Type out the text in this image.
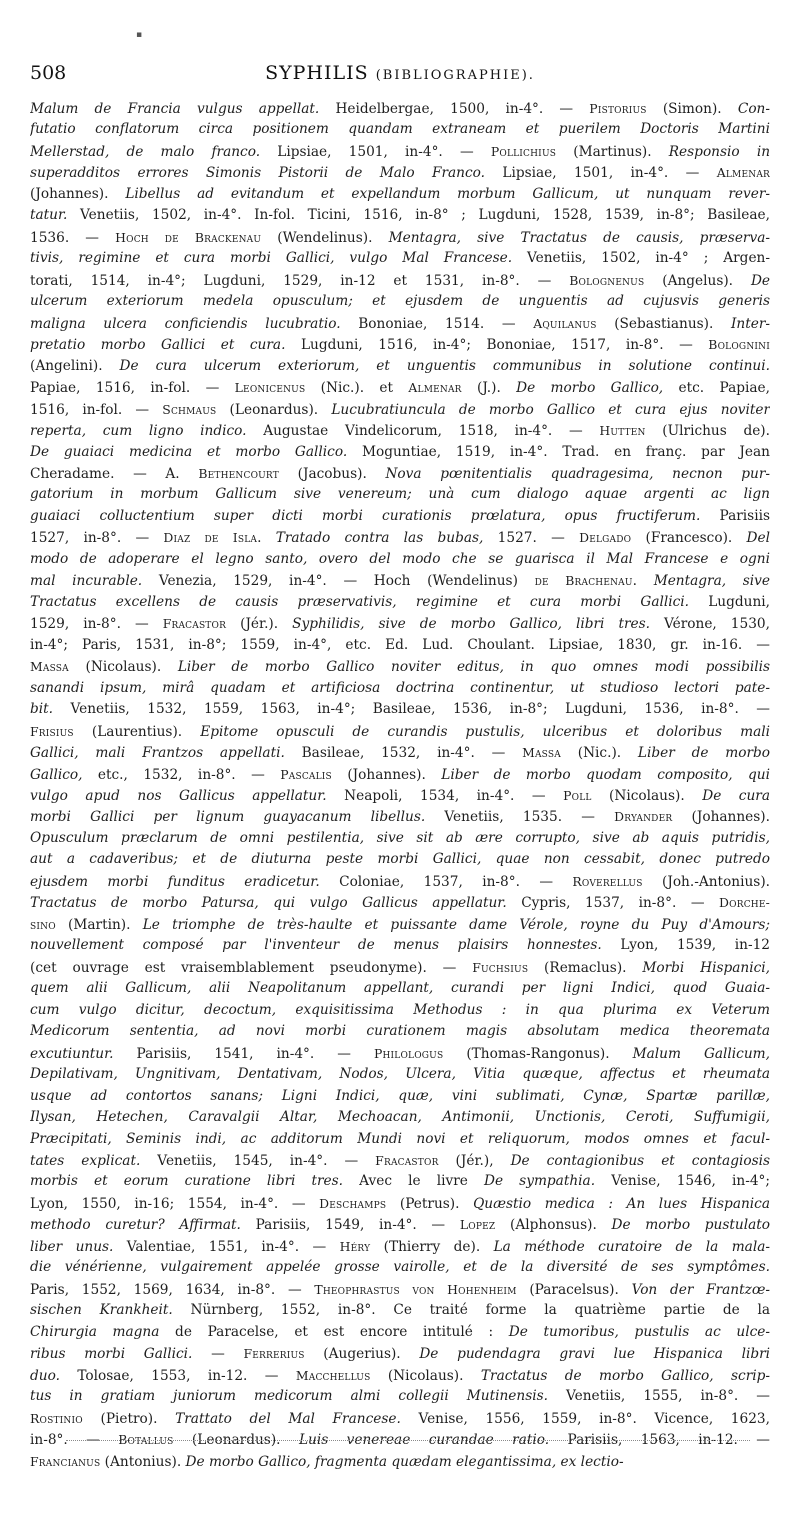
▪
508	SYPHILIS (BIBLIOGRAPHIE).
Malum de Francia vulgus appellat. Heidelbergae, 1500, in-4°. — Pistorius (Simon). Con-
futatio conflatorum circa positionem quandam extraneam et puerilem Doctoris Martini
Mellerstad, de malo franco. Lipsiae, 1501, in-4°. — Pollichius (Martinus). Responsio in
superadditos errores Simonis Pistorii de Malo Franco. Lipsiae, 1501, in-4°. — Almenar
(Johannes). Libellus ad evitandum et expellandum morbum Gallicum, ut nunquam rever-
tatur. Venetiis, 1502, in-4°. In-fol. Ticini, 1516, in-8° ; Lugduni, 1528, 1539, in-8°; Basileae,
1536. — Hoch de Brackenau (Wendelinus). Mentagra, sive Tractatus de causis, præserva-
tivis, regimine et cura morbi Gallici, vulgo Mal Francese. Venetiis, 1502, in-4° ; Argen-
torati, 1514, in-4°; Lugduni, 1529, in-12 et 1531, in-8°. — Bolognenus (Angelus). De
ulcerum exteriorum medela opusculum; et ejusdem de unguentis ad cujusvis generis
maligna ulcera conficiendis lucubratio. Bononiae, 1514. — Aquilanus (Sebastianus). Inter-
pretatio morbo Gallici et cura. Lugduni, 1516, in-4°; Bononiae, 1517, in-8°. — Bolognini
(Angelini). De cura ulcerum exteriorum, et unguentis communibus in solutione continui.
Papiae, 1516, in-fol. — Leonicenus (Nic.). et Almenar (J.). De morbo Gallico, etc. Papiae,
1516, in-fol. — Schmaus (Leonardus). Lucubratiuncula de morbo Gallico et cura ejus noviter
reperta, cum ligno indico. Augustae Vindelicorum, 1518, in-4°. — Hutten (Ulrichus de).
De guaiaci medicina et morbo Gallico. Moguntiae, 1519, in-4°. Trad. en franç. par Jean
Cheradame. — A. Bethencourt (Jacobus). Nova pœnitentialis quadragesima, necnon pur-
gatorium in morbum Gallicum sive venereum; unà cum dialogo aquae argenti ac lign
guaiaci colluctentium super dicti morbi curationis prœlatura, opus fructiferum. Parisiis
1527, in-8°. — Diaz de Isla. Tratado contra las bubas, 1527. — Delgado (Francesco). Del
modo de adoperare el legno santo, overo del modo che se guarisca il Mal Francese e ogni
mal incurable. Venezia, 1529, in-4°. — Hoch (Wendelinus) de Brachenau. Mentagra, sive
Tractatus excellens de causis præservativis, regimine et cura morbi Gallici. Lugduni,
1529, in-8°. — Fracastor (Jér.). Syphilidis, sive de morbo Gallico, libri tres. Vérone, 1530,
in-4°; Paris, 1531, in-8°; 1559, in-4°, etc. Ed. Lud. Choulant. Lipsiae, 1830, gr. in-16. —
Massa (Nicolaus). Liber de morbo Gallico noviter editus, in quo omnes modi possibilis
sanandi ipsum, mirâ quadam et artificiosa doctrina continentur, ut studioso lectori pate-
bit. Venetiis, 1532, 1559, 1563, in-4°; Basileae, 1536, in-8°; Lugduni, 1536, in-8°. —
Frisius (Laurentius). Epitome opusculi de curandis pustulis, ulceribus et doloribus mali
Gallici, mali Frantzos appellati. Basileae, 1532, in-4°. — Massa (Nic.). Liber de morbo
Gallico, etc., 1532, in-8°. — Pascalis (Johannes). Liber de morbo quodam composito, qui
vulgo apud nos Gallicus appellatur. Neapoli, 1534, in-4°. — Poll (Nicolaus). De cura
morbi Gallici per lignum guayacanum libellus. Venetiis, 1535. — Dryander (Johannes).
Opusculum præclarum de omni pestilentia, sive sit ab ære corrupto, sive ab aquis putridis,
aut a cadaveribus; et de diuturna peste morbi Gallici, quae non cessabit, donec putredo
ejusdem morbi funditus eradicetur. Coloniae, 1537, in-8°. — Roverellus (Joh.-Antonius).
Tractatus de morbo Patursa, qui vulgo Gallicus appellatur. Cypris, 1537, in-8°. — Dorche-
sino (Martin). Le triomphe de très-haulte et puissante dame Vérole, royne du Puy d'Amours;
nouvellement composé par l'inventeur de menus plaisirs honnestes. Lyon, 1539, in-12
(cet ouvrage est vraisemblablement pseudonyme). — Fuchsius (Remaclus). Morbi Hispanici,
quem alii Gallicum, alii Neapolitanum appellant, curandi per ligni Indici, quod Guaia-
cum vulgo dicitur, decoctum, exquisitissima Methodus : in qua plurima ex Veterum
Medicorum sententia, ad novi morbi curationem magis absolutam medica theoremata
excutiuntur. Parisiis, 1541, in-4°. — Philologus (Thomas-Rangonus). Malum Gallicum,
Depilativam, Ungnitivam, Dentativam, Nodos, Ulcera, Vitia quæque, affectus et rheumata
usque ad contortos sanans; Ligni Indici, quæ, vini sublimati, Cynæ, Spartæ parillæ,
Ilysan, Hetechen, Caravalgii Altar, Mechoacan, Antimonii, Unctionis, Ceroti, Suffumigii,
Præcipitati, Seminis indi, ac additorum Mundi novi et reliquorum, modos omnes et facul-
tates explicat. Venetiis, 1545, in-4°. — Fracastor (Jér.), De contagionibus et contagiosis
morbis et eorum curatione libri tres. Avec le livre De sympathia. Venise, 1546, in-4°;
Lyon, 1550, in-16; 1554, in-4°. — Deschamps (Petrus). Quæstio medica : An lues Hispanica
methodo curetur? Affirmat. Parisiis, 1549, in-4°. — Lopez (Alphonsus). De morbo pustulato
liber unus. Valentiae, 1551, in-4°. — Héry (Thierry de). La méthode curatoire de la mala-
die vénérienne, vulgairement appelée grosse vairolle, et de la diversité de ses symptômes.
Paris, 1552, 1569, 1634, in-8°. — Theophrastus von Hohenheim (Paracelsus). Von der Frantzœ-
sischen Krankheit. Nürnberg, 1552, in-8°. Ce traité forme la quatrième partie de la
Chirurgia magna de Paracelse, et est encore intitulé : De tumoribus, pustulis ac ulce-
ribus morbi Gallici. — Ferrerius (Augerius). De pudendagra gravi lue Hispanica libri
duo. Tolosae, 1553, in-12. — Macchellus (Nicolaus). Tractatus de morbo Gallico, scrip-
tus in gratiam juniorum medicorum almi collegii Mutinensis. Venetiis, 1555, in-8°. —
Rostinio (Pietro). Trattato del Mal Francese. Venise, 1556, 1559, in-8°. Vicence, 1623,
in-8°. — Botallus (Leonardus). Luis venereae curandae ratio. Parisiis, 1563, in-12. —
Francianus (Antonius). De morbo Gallico, fragmenta quædam elegantissima, ex lectio-
